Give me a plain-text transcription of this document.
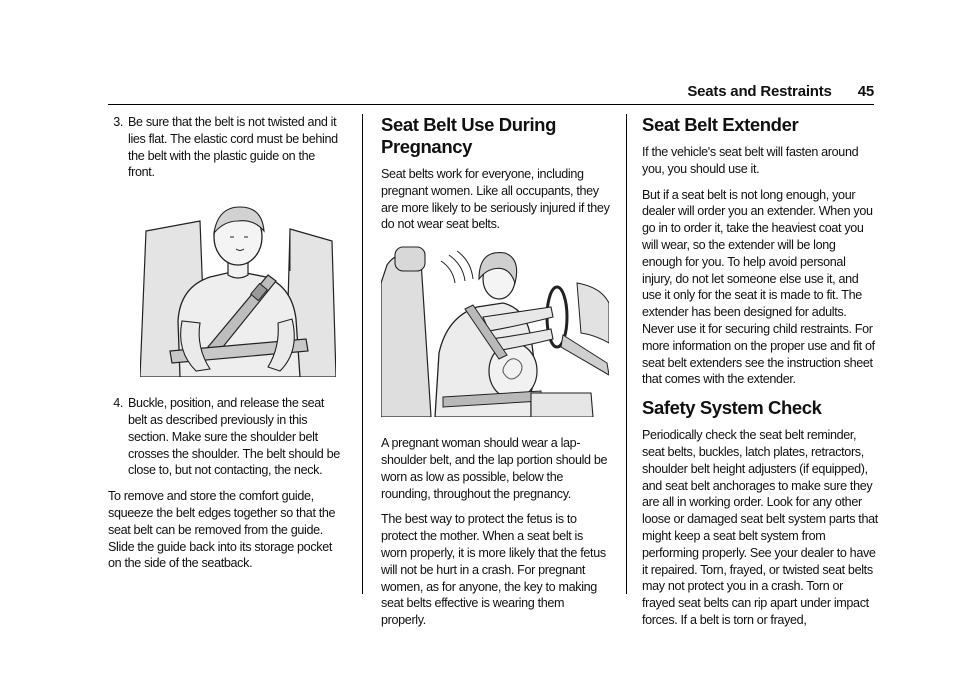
Seats and Restraints 45
3. Be sure that the belt is not twisted and it lies flat. The elastic cord must be behind the belt with the plastic guide on the front.
4. Buckle, position, and release the seat belt as described previously in this section. Make sure the shoulder belt crosses the shoulder. The belt should be close to, but not contacting, the neck.

To remove and store the comfort guide, squeeze the belt edges together so that the seat belt can be removed from the guide. Slide the guide back into its storage pocket on the side of the seatback.

Seat Belt Use During Pregnancy

Seat belts work for everyone, including pregnant women. Like all occupants, they are more likely to be seriously injured if they do not wear seat belts.

A pregnant woman should wear a lap-shoulder belt, and the lap portion should be worn as low as possible, below the rounding, throughout the pregnancy.

The best way to protect the fetus is to protect the mother. When a seat belt is worn properly, it is more likely that the fetus will not be hurt in a crash. For pregnant women, as for anyone, the key to making seat belts effective is wearing them properly.

Seat Belt Extender

If the vehicle's seat belt will fasten around you, you should use it.

But if a seat belt is not long enough, your dealer will order you an extender. When you go in to order it, take the heaviest coat you will wear, so the extender will be long enough for you. To help avoid personal injury, do not let someone else use it, and use it only for the seat it is made to fit. The extender has been designed for adults. Never use it for securing child restraints. For more information on the proper use and fit of seat belt extenders see the instruction sheet that comes with the extender.

Safety System Check

Periodically check the seat belt reminder, seat belts, buckles, latch plates, retractors, shoulder belt height adjusters (if equipped), and seat belt anchorages to make sure they are all in working order. Look for any other loose or damaged seat belt system parts that might keep a seat belt system from performing properly. See your dealer to have it repaired. Torn, frayed, or twisted seat belts may not protect you in a crash. Torn or frayed seat belts can rip apart under impact forces. If a belt is torn or frayed,
